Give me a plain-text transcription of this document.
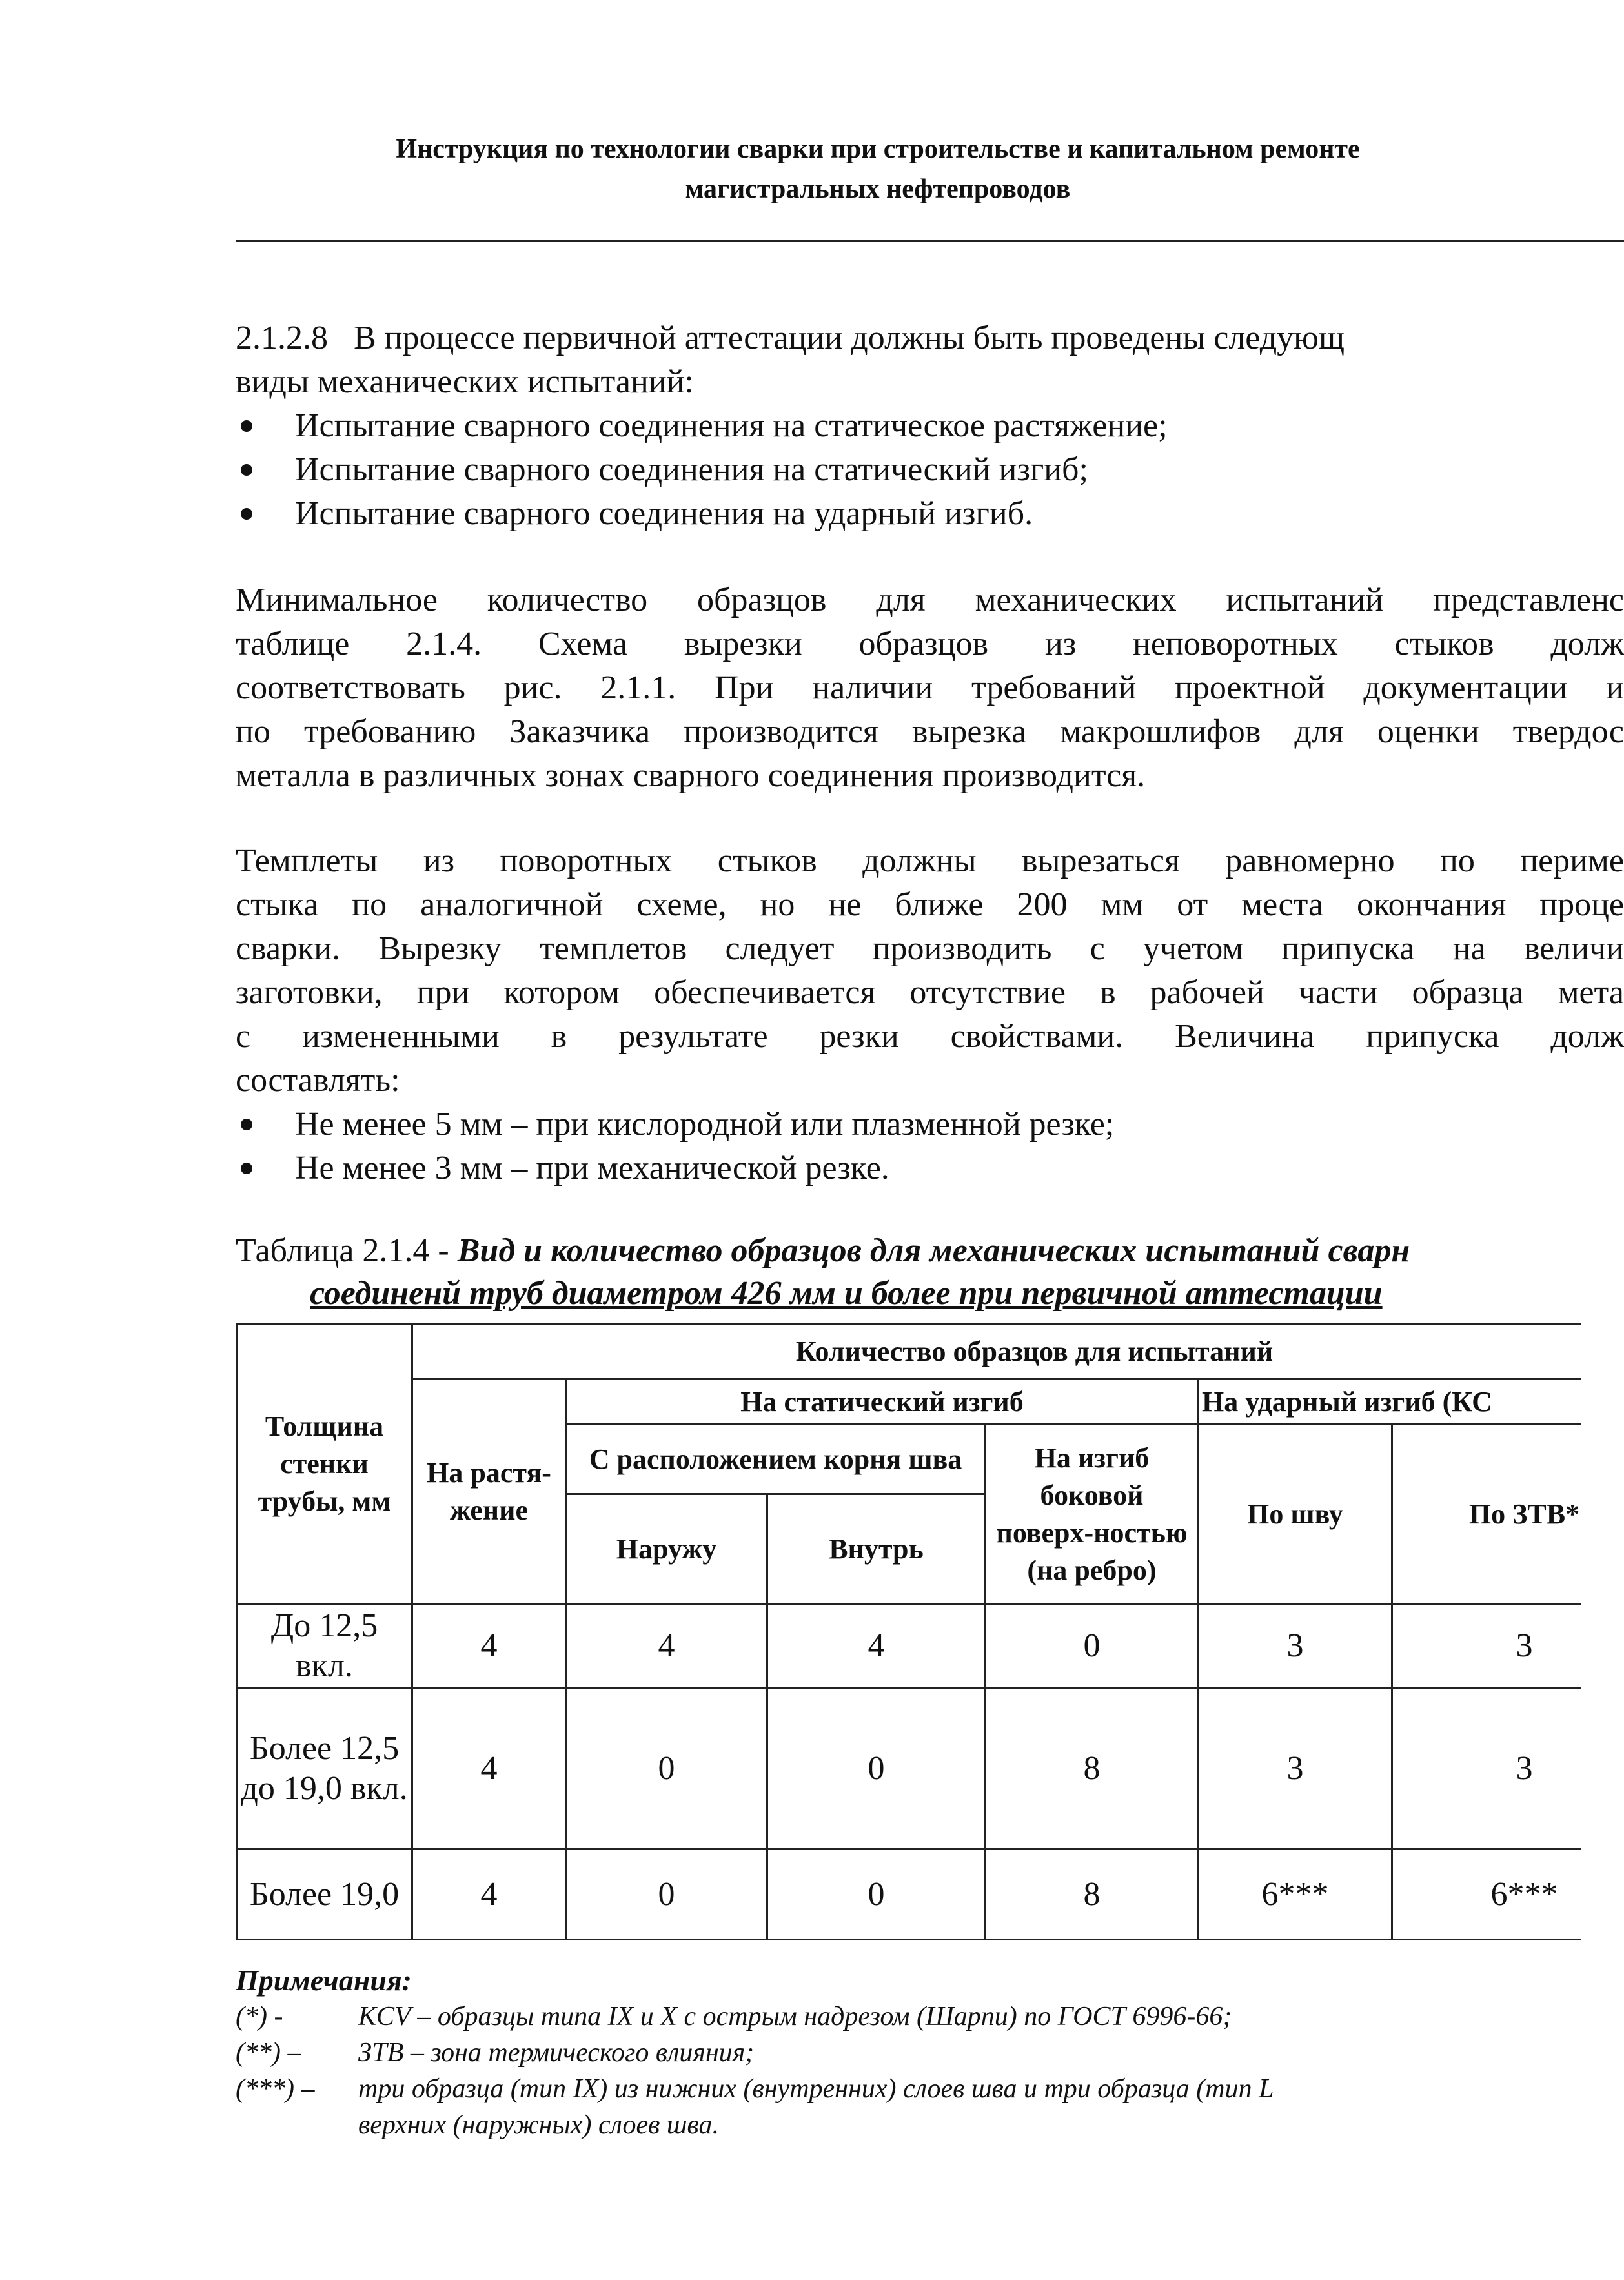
Инструкция по технологии сварки при строительстве и капитальном ремонте
магистральных нефтепроводов
2.1.2.8 В процессе первичной аттестации должны быть проведены следующ
виды механических испытаний:
Испытание сварного соединения на статическое растяжение;
Испытание сварного соединения на статический изгиб;
Испытание сварного соединения на ударный изгиб.
Минимальное количество образцов для механических испытаний представленс
таблице 2.1.4. Схема вырезки образцов из неповоротных стыков долж
соответствовать рис. 2.1.1. При наличии требований проектной документации и
по требованию Заказчика производится вырезка макрошлифов для оценки твердос
металла в различных зонах сварного соединения производится.
Темплеты из поворотных стыков должны вырезаться равномерно по периме
стыка по аналогичной схеме, но не ближе 200 мм от места окончания проце
сварки. Вырезку темплетов следует производить с учетом припуска на величи
заготовки, при котором обеспечивается отсутствие в рабочей части образца мета
с измененными в результате резки свойствами. Величина припуска долж
составлять:
Не менее 5 мм – при кислородной или плазменной резке;
Не менее 3 мм – при механической резке.
Таблица 2.1.4 - Вид и количество образцов для механических испытаний сварн
соединенй труб диаметром 426 мм и более при первичной аттестации
Толщина стенки трубы, мм	Количество образцов для испытаний					
	На растя-жение	На статический изгиб			На ударный изгиб (КС	
		С расположением корня шва		На изгиб боковой поверх-ностью (на ребро)	По шву	По ЗТВ*
		Наружу	Внутрь			
До 12,5 вкл.	4	4	4	0	3	3
Более 12,5 до 19,0 вкл.	4	0	0	8	3	3
Более 19,0	4	0	0	8	6***	6***
Примечания:
(*) -	KCV – образцы типа IX и X с острым надрезом (Шарпи) по ГОСТ 6996-66;
(**) – ЗТВ – зона термического влияния;
(***) – три образца (тип IX) из нижних (внутренних) слоев шва и три образца (тип L
верхних (наружных) слоев шва.
